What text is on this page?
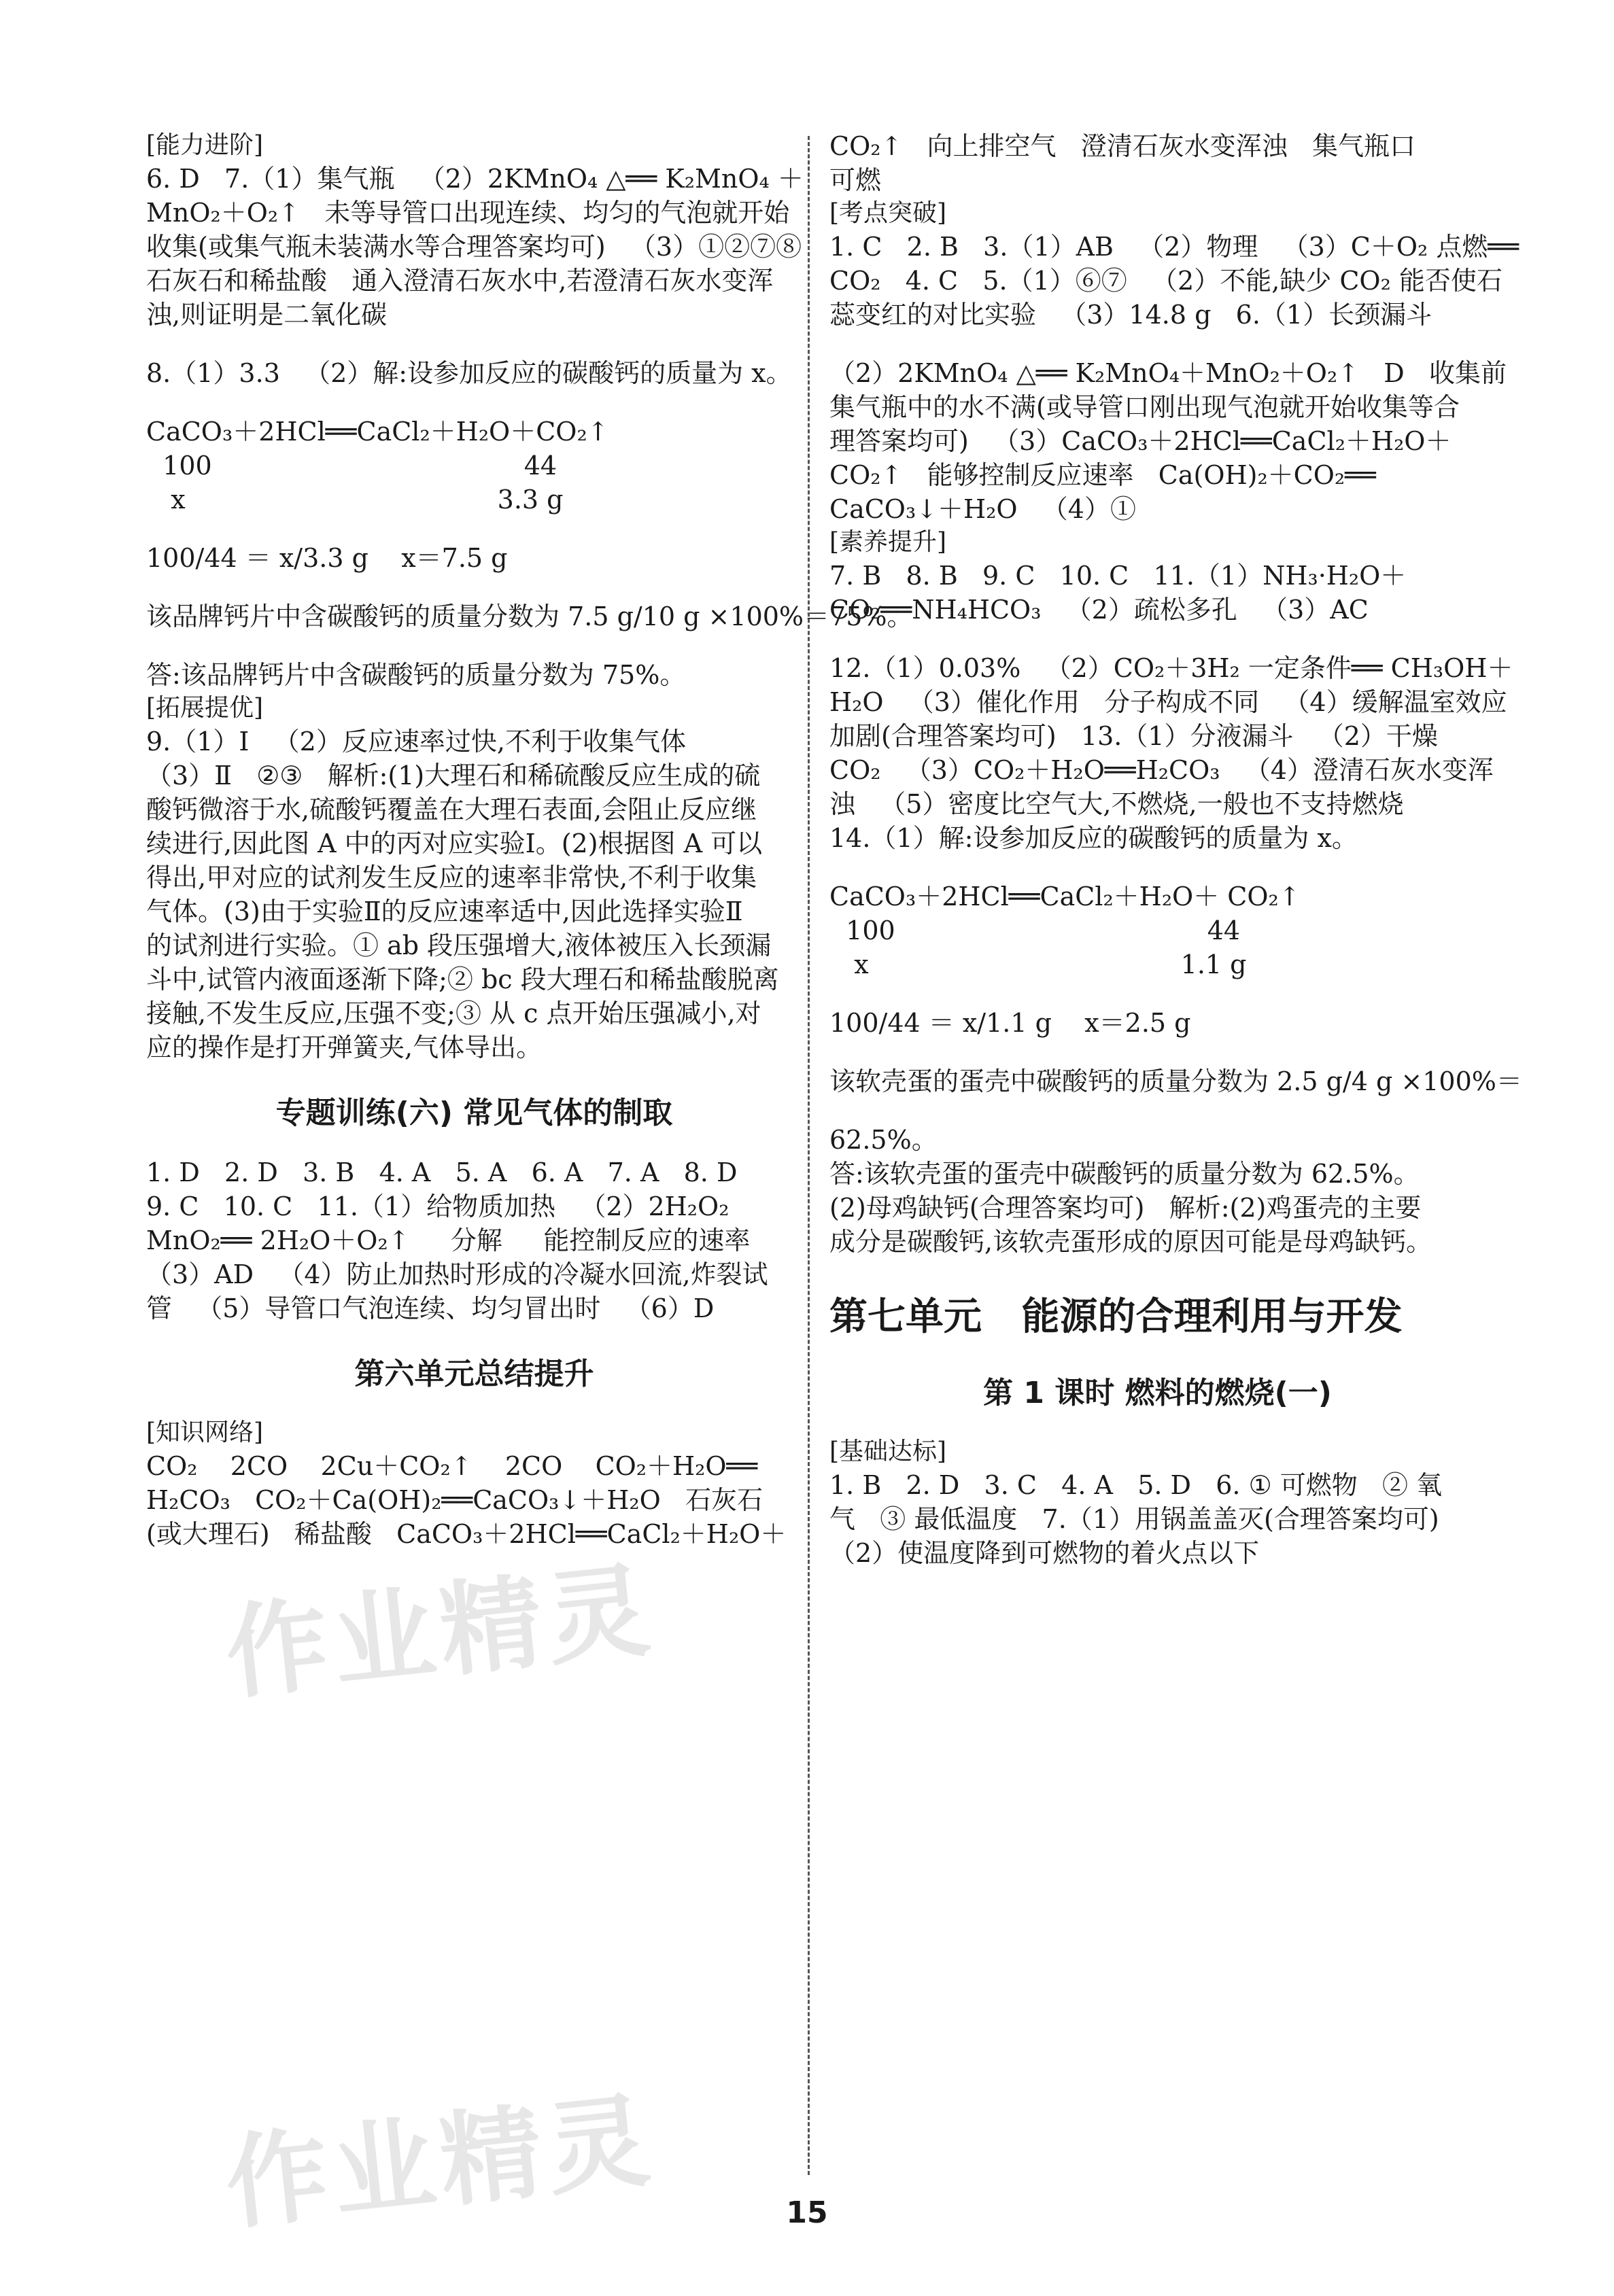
[能力进阶]
6. D   7.（1）集气瓶   （2）2KMnO₄ △══ K₂MnO₄ ＋
MnO₂＋O₂↑   未等导管口出现连续、均匀的气泡就开始
收集(或集气瓶未装满水等合理答案均可)   （3）①②⑦⑧
石灰石和稀盐酸   通入澄清石灰水中,若澄清石灰水变浑
浊,则证明是二氧化碳
8.（1）3.3   （2）解:设参加反应的碳酸钙的质量为 x。
CaCO₃＋2HCl══CaCl₂＋H₂O＋CO₂↑
100                                      44
x                                      3.3 g
100/44 ＝ x/3.3 g    x＝7.5 g
该品牌钙片中含碳酸钙的质量分数为 7.5 g/10 g ×100%＝75%。
答:该品牌钙片中含碳酸钙的质量分数为 75%。
[拓展提优]
9.（1）Ⅰ   （2）反应速率过快,不利于收集气体
（3）Ⅱ   ②③   解析:(1)大理石和稀硫酸反应生成的硫
酸钙微溶于水,硫酸钙覆盖在大理石表面,会阻止反应继
续进行,因此图 A 中的丙对应实验Ⅰ。(2)根据图 A 可以
得出,甲对应的试剂发生反应的速率非常快,不利于收集
气体。(3)由于实验Ⅱ的反应速率适中,因此选择实验Ⅱ
的试剂进行实验。① ab 段压强增大,液体被压入长颈漏
斗中,试管内液面逐渐下降;② bc 段大理石和稀盐酸脱离
接触,不发生反应,压强不变;③ 从 c 点开始压强减小,对
应的操作是打开弹簧夹,气体导出。
专题训练(六) 常见气体的制取
1. D   2. D   3. B   4. A   5. A   6. A   7. A   8. D
9. C   10. C   11.（1）给物质加热   （2）2H₂O₂
MnO₂══ 2H₂O＋O₂↑     分解     能控制反应的速率
（3）AD   （4）防止加热时形成的冷凝水回流,炸裂试
管   （5）导管口气泡连续、均匀冒出时   （6）D
第六单元总结提升
[知识网络]
CO₂    2CO    2Cu＋CO₂↑    2CO    CO₂＋H₂O══
H₂CO₃   CO₂＋Ca(OH)₂══CaCO₃↓＋H₂O   石灰石
(或大理石)   稀盐酸   CaCO₃＋2HCl══CaCl₂＋H₂O＋
CO₂↑   向上排空气   澄清石灰水变浑浊   集气瓶口
可燃
[考点突破]
1. C   2. B   3.（1）AB   （2）物理   （3）C＋O₂ 点燃══
CO₂   4. C   5.（1）⑥⑦   （2）不能,缺少 CO₂ 能否使石
蕊变红的对比实验   （3）14.8 g   6.（1）长颈漏斗
（2）2KMnO₄ △══ K₂MnO₄＋MnO₂＋O₂↑   D   收集前
集气瓶中的水不满(或导管口刚出现气泡就开始收集等合
理答案均可)   （3）CaCO₃＋2HCl══CaCl₂＋H₂O＋
CO₂↑   能够控制反应速率   Ca(OH)₂＋CO₂══
CaCO₃↓＋H₂O   （4）①
[素养提升]
7. B   8. B   9. C   10. C   11.（1）NH₃·H₂O＋
CO₂══NH₄HCO₃   （2）疏松多孔   （3）AC
12.（1）0.03%   （2）CO₂＋3H₂ 一定条件══ CH₃OH＋
H₂O   （3）催化作用   分子构成不同   （4）缓解温室效应
加剧(合理答案均可)   13.（1）分液漏斗   （2）干燥
CO₂   （3）CO₂＋H₂O══H₂CO₃   （4）澄清石灰水变浑
浊   （5）密度比空气大,不燃烧,一般也不支持燃烧
14.（1）解:设参加反应的碳酸钙的质量为 x。
CaCO₃＋2HCl══CaCl₂＋H₂O＋ CO₂↑
100                                      44
x                                      1.1 g
100/44 ＝ x/1.1 g    x＝2.5 g
该软壳蛋的蛋壳中碳酸钙的质量分数为 2.5 g/4 g ×100%＝
62.5%。
答:该软壳蛋的蛋壳中碳酸钙的质量分数为 62.5%。
(2)母鸡缺钙(合理答案均可)   解析:(2)鸡蛋壳的主要
成分是碳酸钙,该软壳蛋形成的原因可能是母鸡缺钙。
第七单元   能源的合理利用与开发
第 1 课时 燃料的燃烧(一)
[基础达标]
1. B   2. D   3. C   4. A   5. D   6. ① 可燃物   ② 氧
气   ③ 最低温度   7.（1）用锅盖盖灭(合理答案均可)
（2）使温度降到可燃物的着火点以下
作业精灵
作业精灵	15
